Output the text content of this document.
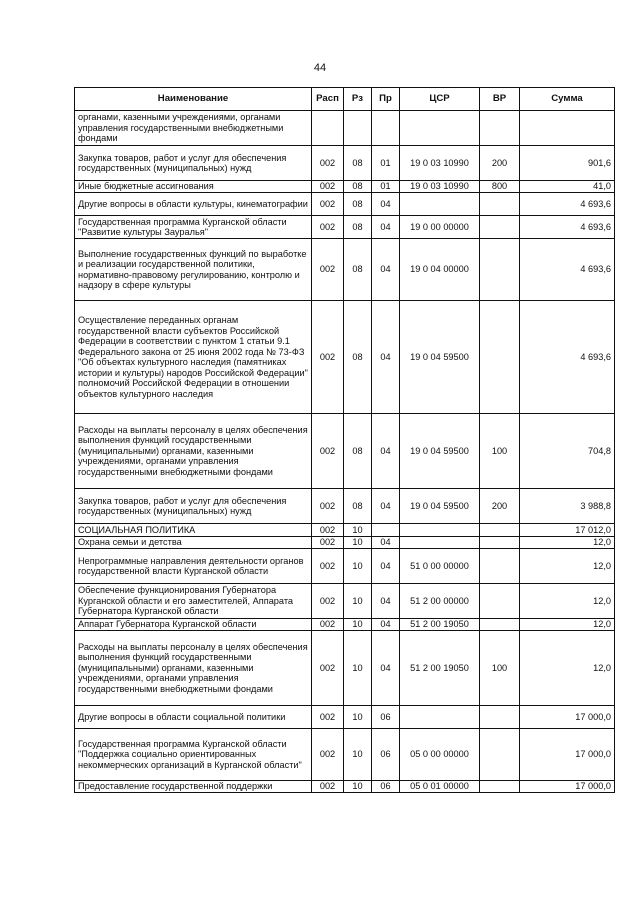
44
Наименование	Расп	Рз	Пр	ЦСР	ВР	Сумма
органами, казенными учреждениями, органами управления государственными внебюджетными фондами						
Закупка товаров, работ и услуг для обеспечения государственных (муниципальных) нужд	002	08	01	19 0 03 10990	200	901,6
Иные бюджетные ассигнования	002	08	01	19 0 03 10990	800	41,0
Другие вопросы в области культуры, кинематографии	002	08	04			4 693,6
Государственная программа Курганской области "Развитие культуры Зауралья"	002	08	04	19 0 00 00000		4 693,6
Выполнение государственных функций по выработке и реализации государственной политики, нормативно-правовому регулированию, контролю и надзору в сфере культуры	002	08	04	19 0 04 00000		4 693,6
Осуществление переданных органам государственной власти субъектов Российской Федерации в соответствии с пунктом 1 статьи 9.1 Федерального закона от 25 июня 2002 года № 73-ФЗ "Об объектах культурного наследия (памятниках истории и культуры) народов Российской Федерации" полномочий Российской Федерации в отношении объектов культурного наследия	002	08	04	19 0 04 59500		4 693,6
Расходы на выплаты персоналу в целях обеспечения выполнения функций государственными (муниципальными) органами, казенными учреждениями, органами управления государственными внебюджетными фондами	002	08	04	19 0 04 59500	100	704,8
Закупка товаров, работ и услуг для обеспечения государственных (муниципальных) нужд	002	08	04	19 0 04 59500	200	3 988,8
СОЦИАЛЬНАЯ ПОЛИТИКА	002	10				17 012,0
Охрана семьи и детства	002	10	04			12,0
Непрограммные направления деятельности органов государственной власти Курганской области	002	10	04	51 0 00 00000		12,0
Обеспечение функционирования Губернатора Курганской области и его заместителей, Аппарата Губернатора Курганской области	002	10	04	51 2 00 00000		12,0
Аппарат Губернатора Курганской области	002	10	04	51 2 00 19050		12,0
Расходы на выплаты персоналу в целях обеспечения выполнения функций государственными (муниципальными) органами, казенными учреждениями, органами управления государственными внебюджетными фондами	002	10	04	51 2 00 19050	100	12,0
Другие вопросы в области социальной политики	002	10	06			17 000,0
Государственная программа Курганской области "Поддержка социально ориентированных некоммерческих организаций в Курганской области"	002	10	06	05 0 00 00000		17 000,0
Предоставление государственной поддержки	002	10	06	05 0 01 00000		17 000,0
